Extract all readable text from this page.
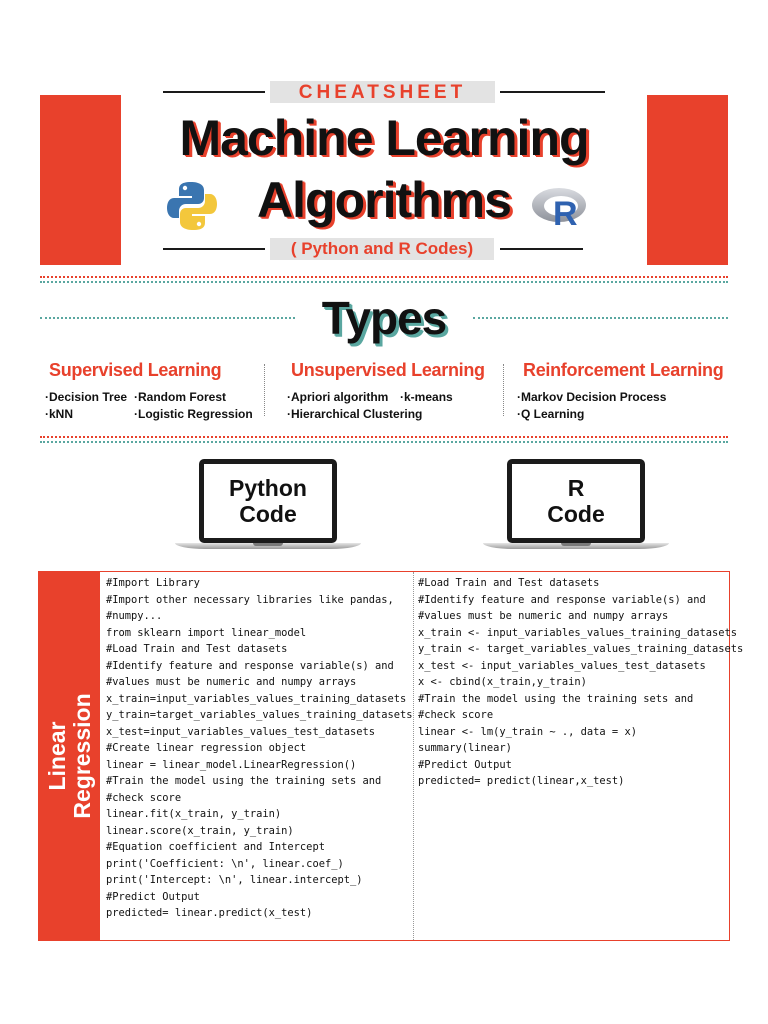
CHEATSHEET
Machine Learning
Algorithms	R
( Python and R Codes)
Types
Supervised Learning
·Decision Tree ·Random Forest
·kNN	·Logistic Regression
Unsupervised Learning
·Apriori algorithm ·k-means
·Hierarchical Clustering
Reinforcement Learning
·Markov Decision Process
·Q Learning
Python
Code
R
Code
Linear Regression
#Import Library
#Import other necessary libraries like pandas,
#numpy...
from sklearn import linear_model
#Load Train and Test datasets
#Identify feature and response variable(s) and
#values must be numeric and numpy arrays
x_train=input_variables_values_training_datasets
y_train=target_variables_values_training_datasets
x_test=input_variables_values_test_datasets
#Create linear regression object
linear = linear_model.LinearRegression()
#Train the model using the training sets and
#check score
linear.fit(x_train, y_train)
linear.score(x_train, y_train)
#Equation coefficient and Intercept
print('Coefficient: \n', linear.coef_)
print('Intercept: \n', linear.intercept_)
#Predict Output
predicted= linear.predict(x_test)
#Load Train and Test datasets
#Identify feature and response variable(s) and
#values must be numeric and numpy arrays
x_train <- input_variables_values_training_datasets
y_train <- target_variables_values_training_datasets
x_test <- input_variables_values_test_datasets
x <- cbind(x_train,y_train)
#Train the model using the training sets and
#check score
linear <- lm(y_train ~ ., data = x)
summary(linear)
#Predict Output
predicted= predict(linear,x_test)
